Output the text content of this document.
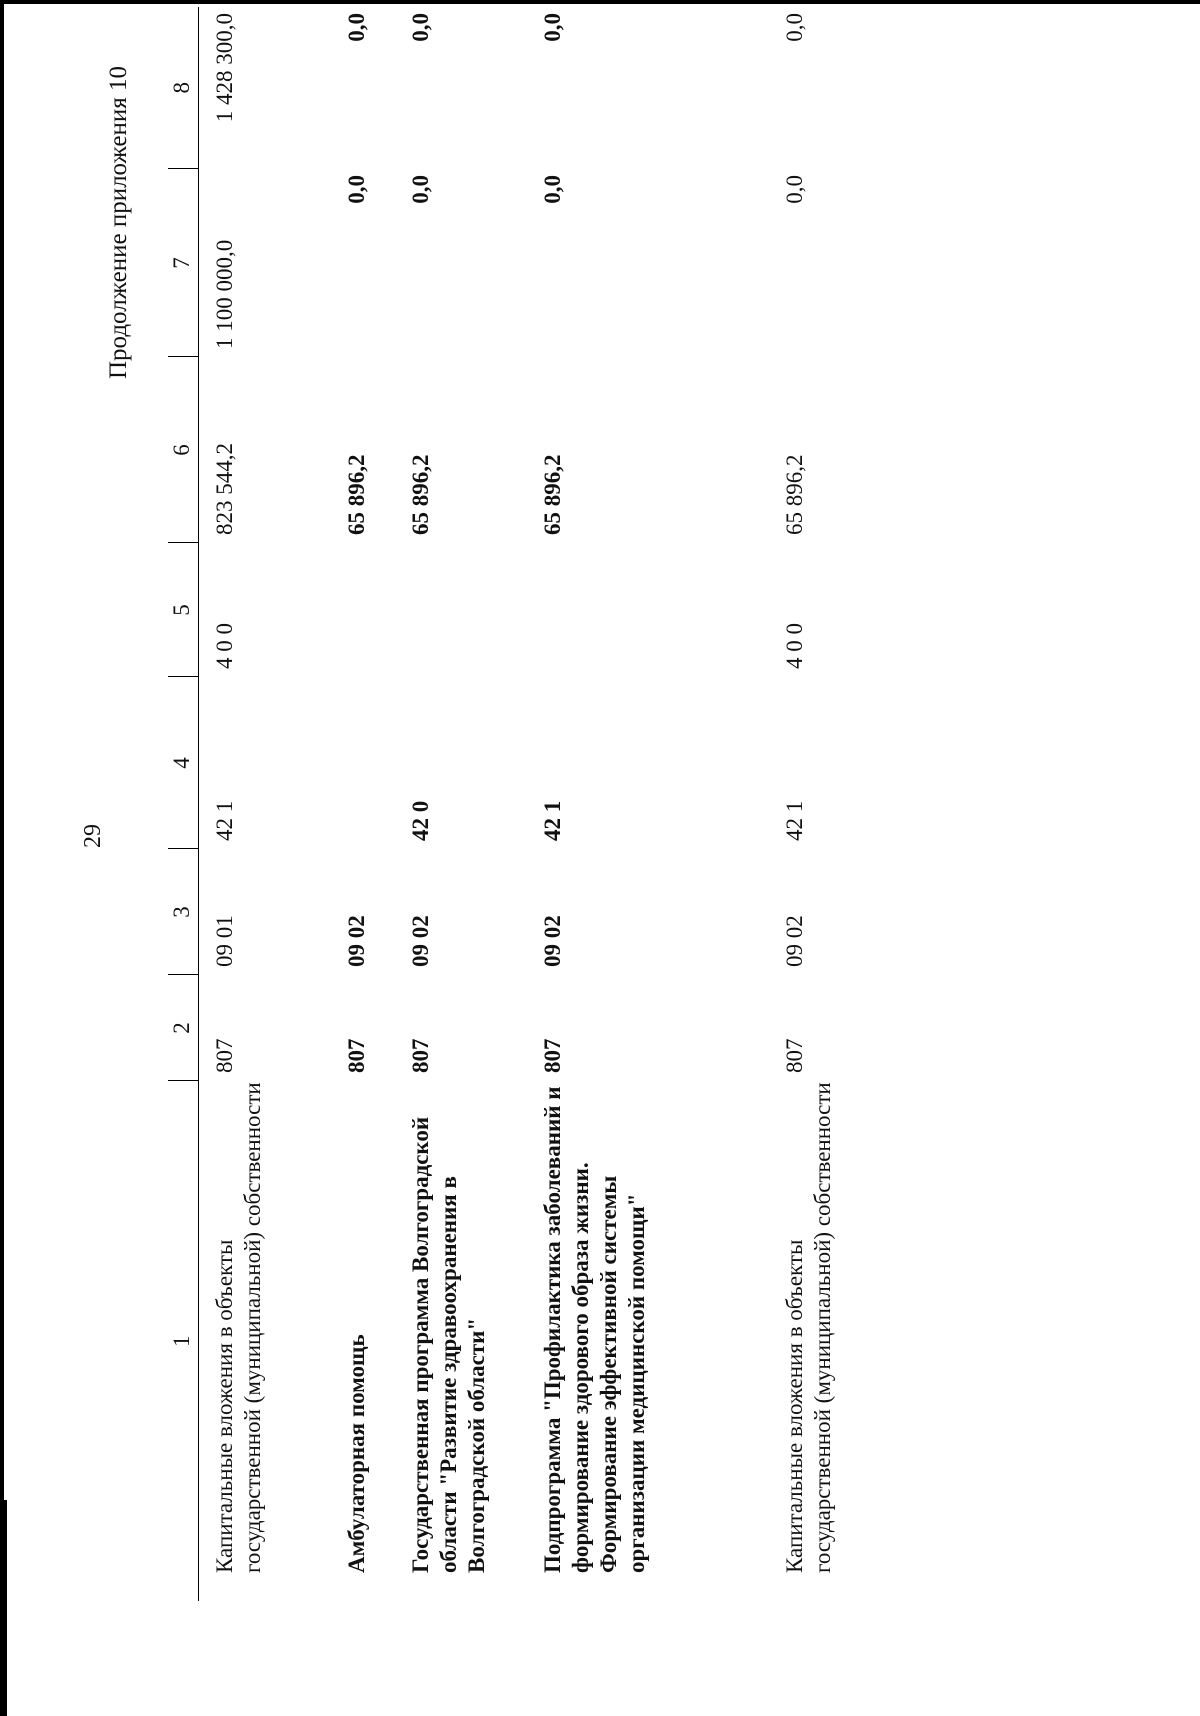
29
Продолжение приложения 10
1	2	3	4	5	6	7	8
Капитальные вложения в объекты государственной (муниципальной) собственности	807	09 01	42 1	4 0 0	823 544,2	1 100 000,0	1 428 300,0
Амбулаторная помощь	807	09 02			65 896,2	0,0	0,0
Государственная программа Волгоградской области "Развитие здравоохранения в Волгоградской области"	807	09 02	42 0		65 896,2	0,0	0,0
Подпрограмма "Профилактика заболеваний и формирование здорового образа жизни. Формирование эффективной системы организации медицинской помощи"	807	09 02	42 1		65 896,2	0,0	0,0
Капитальные вложения в объекты государственной (муниципальной) собственности	807	09 02	42 1	4 0 0	65 896,2	0,0	0,0
